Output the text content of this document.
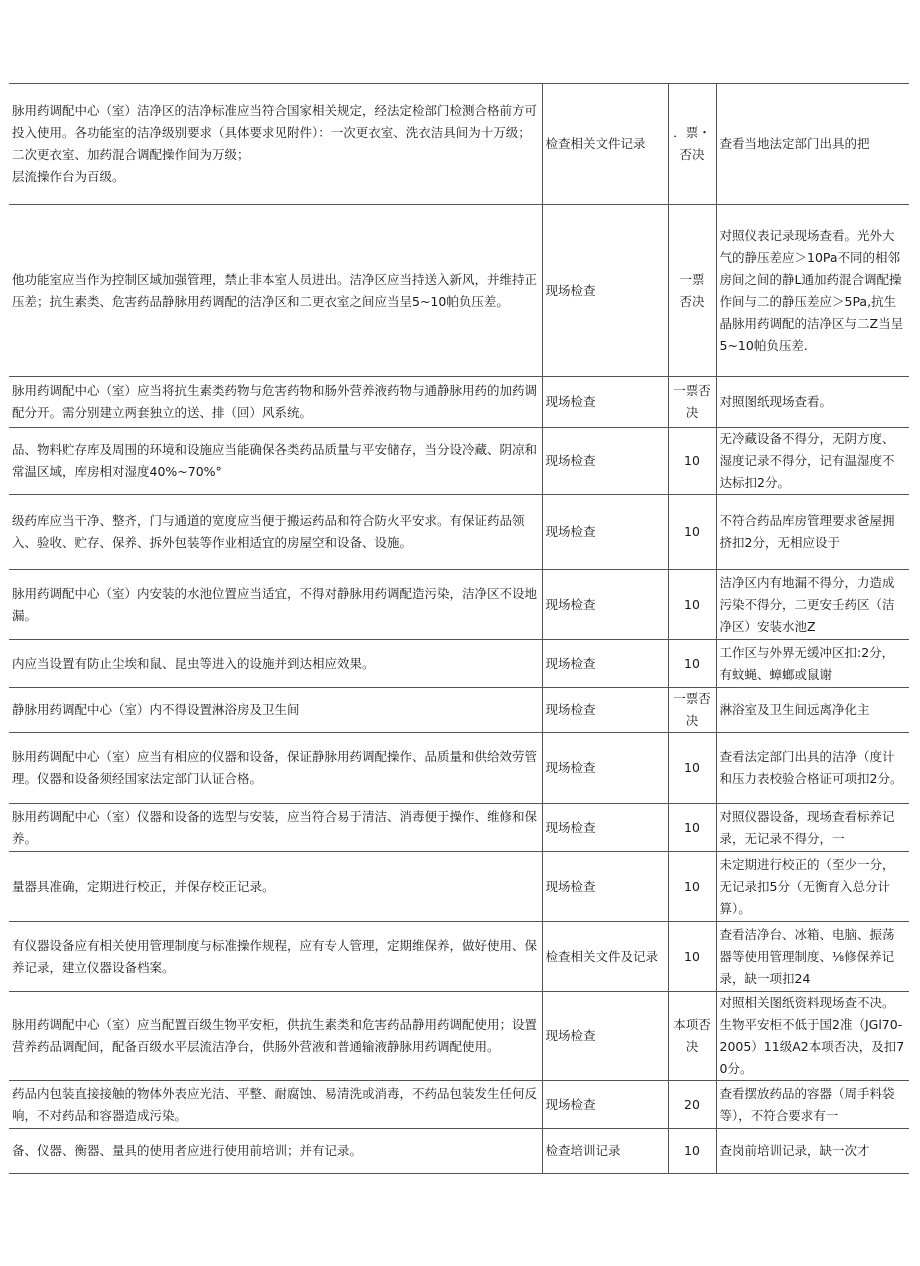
脉用药调配中心（室）洁净区的洁净标准应当符合国家相关规定，经法定检部门检测合格前方可投入使用。各功能室的洁净级别要求（具体要求见附件）：一次更衣室、洗衣洁具间为十万级；
二次更衣室、加药混合调配操作间为万级；
层流操作台为百级。	检查相关文件记录	．票・
否决	查看当地法定部门出具的把
他功能室应当作为控制区域加强管理，禁止非本室人员进出。洁净区应当持送入新风，并维持正压差；抗生素类、危害药品静脉用药调配的洁净区和二更衣室之间应当呈5~10帕负压差。	现场检查	一票
否决	对照仪表记录现场查看。光外大气的静压差应＞10Pa不同的相邻房间之间的静L通加药混合调配操作间与二的静压差应＞5Pa,抗生晶脉用药调配的洁净区与二Z当呈5~10帕负压差.
脉用药调配中心（室）应当将抗生素类药物与危害药物和肠外营养液药物与通静脉用药的加药调配分开。需分别建立两套独立的送、排（回）风系统。	现场检查	一票否决	对照图纸现场查看。
品、物料贮存库及周围的环境和设施应当能确保各类药品质量与平安储存，当分设冷藏、阴凉和常温区域，库房相对湿度40%~70%°	现场检查	10	无冷藏设备不得分，无阴方度、湿度记录不得分，记有温湿度不达标扣2分。
级药库应当干净、整齐，门与通道的宽度应当便于搬运药品和符合防火平安求。有保证药品领入、验收、贮存、保养、拆外包装等作业相适宜的房屋空和设备、设施。	现场检查	10	不符合药品库房管理要求爸屋拥挤扣2分，无相应设于
脉用药调配中心（室）内安装的水池位置应当适宜，不得对静脉用药调配造污染，洁净区不设地漏。	现场检查	10	洁净区内有地漏不得分，力造成污染不得分，二更安壬药区（洁净区）安装水池Z
内应当设置有防止尘埃和鼠、昆虫等进入的设施并到达相应效果。	现场检查	10	工作区与外界无缓冲区扣:2分，有蚊蝇、蟑螂或鼠谢
静脉用药调配中心（室）内不得设置淋浴房及卫生间	现场检查	一票否决	淋浴室及卫生间远离净化主
脉用药调配中心（室）应当有相应的仪器和设备，保证静脉用药调配操作、品质量和供给效劳管理。仪器和设备须经国家法定部门认证合格。	现场检查	10	查看法定部门出具的洁净（度计和压力表校验合格证可项扣2分。
脉用药调配中心（室）仪器和设备的选型与安装，应当符合易于清洁、消毒便于操作、维修和保养。	现场检查	10	对照仪器设备，现场查看标养记录，无记录不得分，一
量器具准确，定期进行校正，并保存校正记录。	现场检查	10	未定期进行校正的（至少一分，无记录扣5分（无衡育入总分计算）。
有仪器设备应有相关使用管理制度与标准操作规程，应有专人管理，定期维保养，做好使用、保养记录，建立仪器设备档案。	检查相关文件及记录	10	查看洁净台、冰箱、电脑、振荡器等使用管理制度、⅛修保养记录，缺一项扣24
脉用药调配中心（室）应当配置百级生物平安柜，供抗生素类和危害药品静用药调配使用；设置营养药品调配间，配备百级水平层流洁净台，供肠外营液和普通输液静脉用药调配使用。	现场检查	本项否决	对照相关图纸资料现场查不决。生物平安柜不低于国2准（JGl70-2005）11级A2本项否决，及扣70分。
药品内包装直接接触的物体外表应光洁、平整、耐腐蚀、易清洗或消毒，不药品包装发生任何反响，不对药品和容器造成污染。	现场检查	20	查看摆放药品的容器（周手料袋等），不符合要求有一
备、仪器、衡器、量具的使用者应进行使用前培训；并有记录。	检查培训记录	10	查岗前培训记录，缺一次才
